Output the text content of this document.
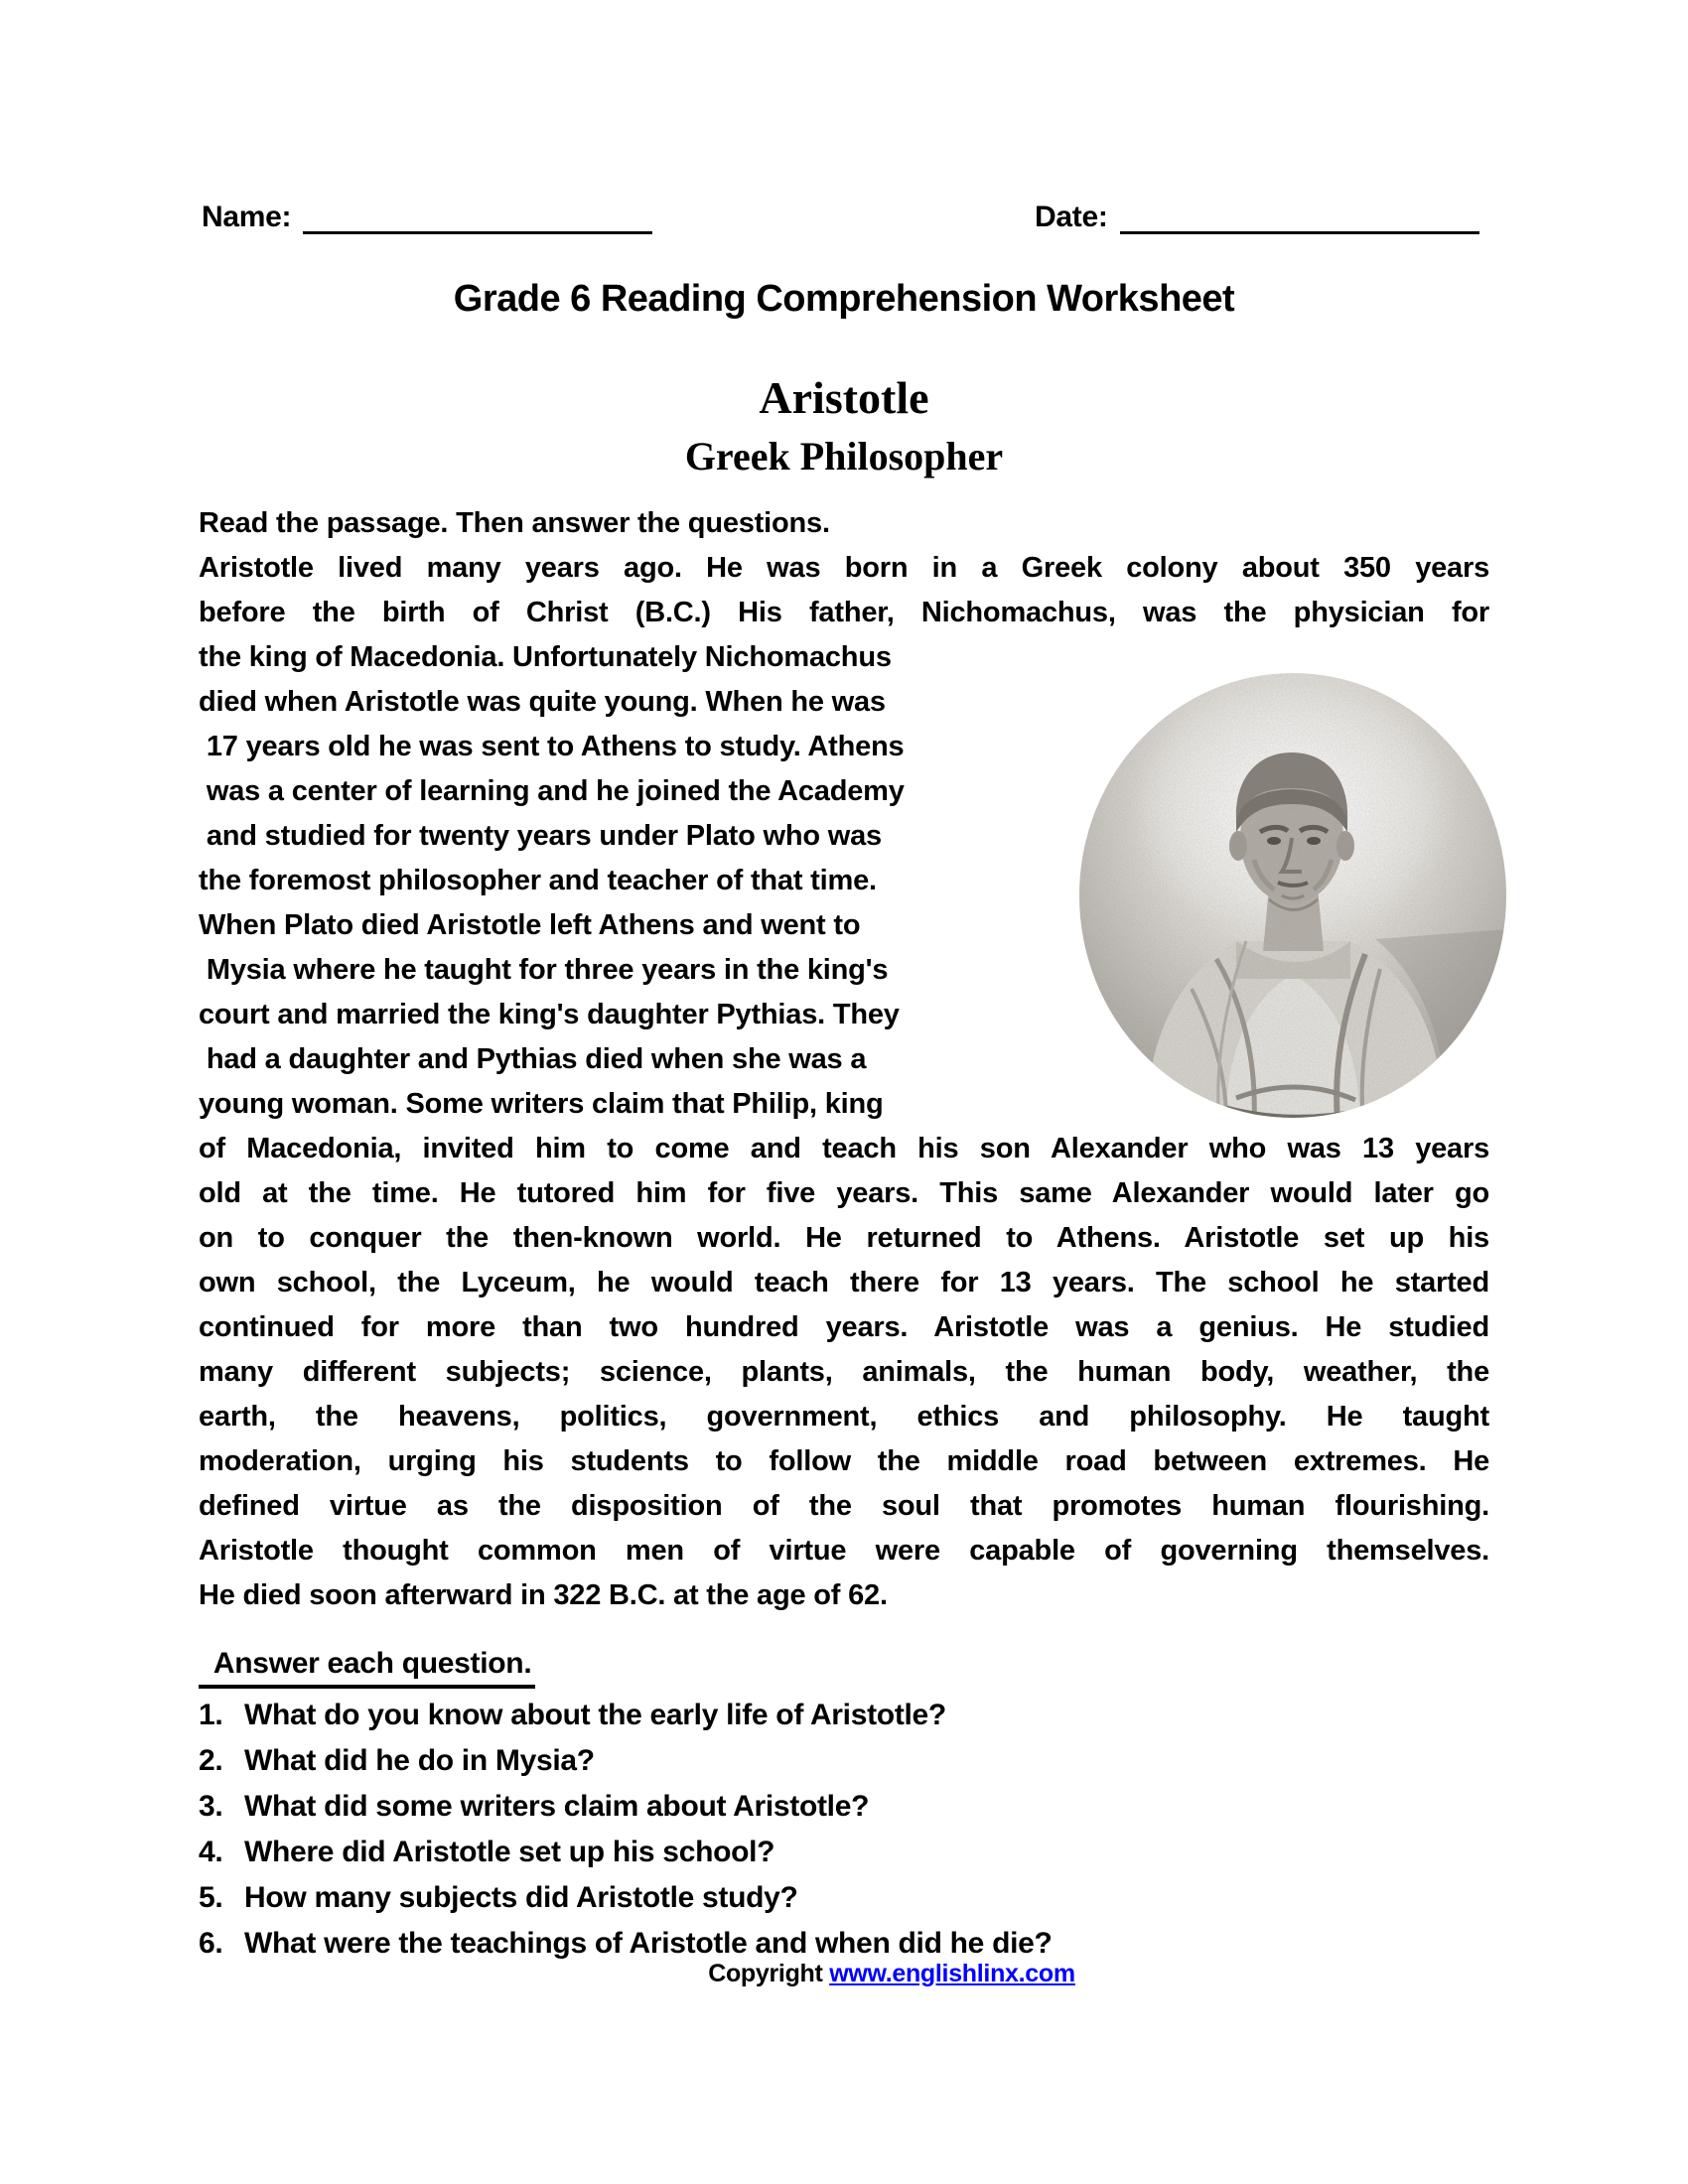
Name:	Date:
Grade 6 Reading Comprehension Worksheet
Aristotle
Greek Philosopher
Read the passage. Then answer the questions.
Aristotle lived many years ago. He was born in a Greek colony about 350 years
before the birth of Christ (B.C.) His father, Nichomachus, was the physician for
the king of Macedonia. Unfortunately Nichomachus
died when Aristotle was quite young. When he was
17 years old he was sent to Athens to study. Athens
was a center of learning and he joined the Academy
and studied for twenty years under Plato who was
the foremost philosopher and teacher of that time.
When Plato died Aristotle left Athens and went to
Mysia where he taught for three years in the king's
court and married the king's daughter Pythias. They
had a daughter and Pythias died when she was a
young woman. Some writers claim that Philip, king
of Macedonia, invited him to come and teach his son Alexander who was 13 years
old at the time. He tutored him for five years. This same Alexander would later go
on to conquer the then-known world. He returned to Athens. Aristotle set up his
own school, the Lyceum, he would teach there for 13 years. The school he started
continued for more than two hundred years. Aristotle was a genius. He studied
many different subjects; science, plants, animals, the human body, weather, the
earth, the heavens, politics, government, ethics and philosophy. He taught
moderation, urging his students to follow the middle road between extremes. He
defined virtue as the disposition of the soul that promotes human flourishing.
Aristotle thought common men of virtue were capable of governing themselves.
He died soon afterward in 322 B.C. at the age of 62.
Answer each question.
1. What do you know about the early life of Aristotle?
2. What did he do in Mysia?
3. What did some writers claim about Aristotle?
4. Where did Aristotle set up his school?
5. How many subjects did Aristotle study?
6. What were the teachings of Aristotle and when did he die?
Copyright www.englishlinx.com
